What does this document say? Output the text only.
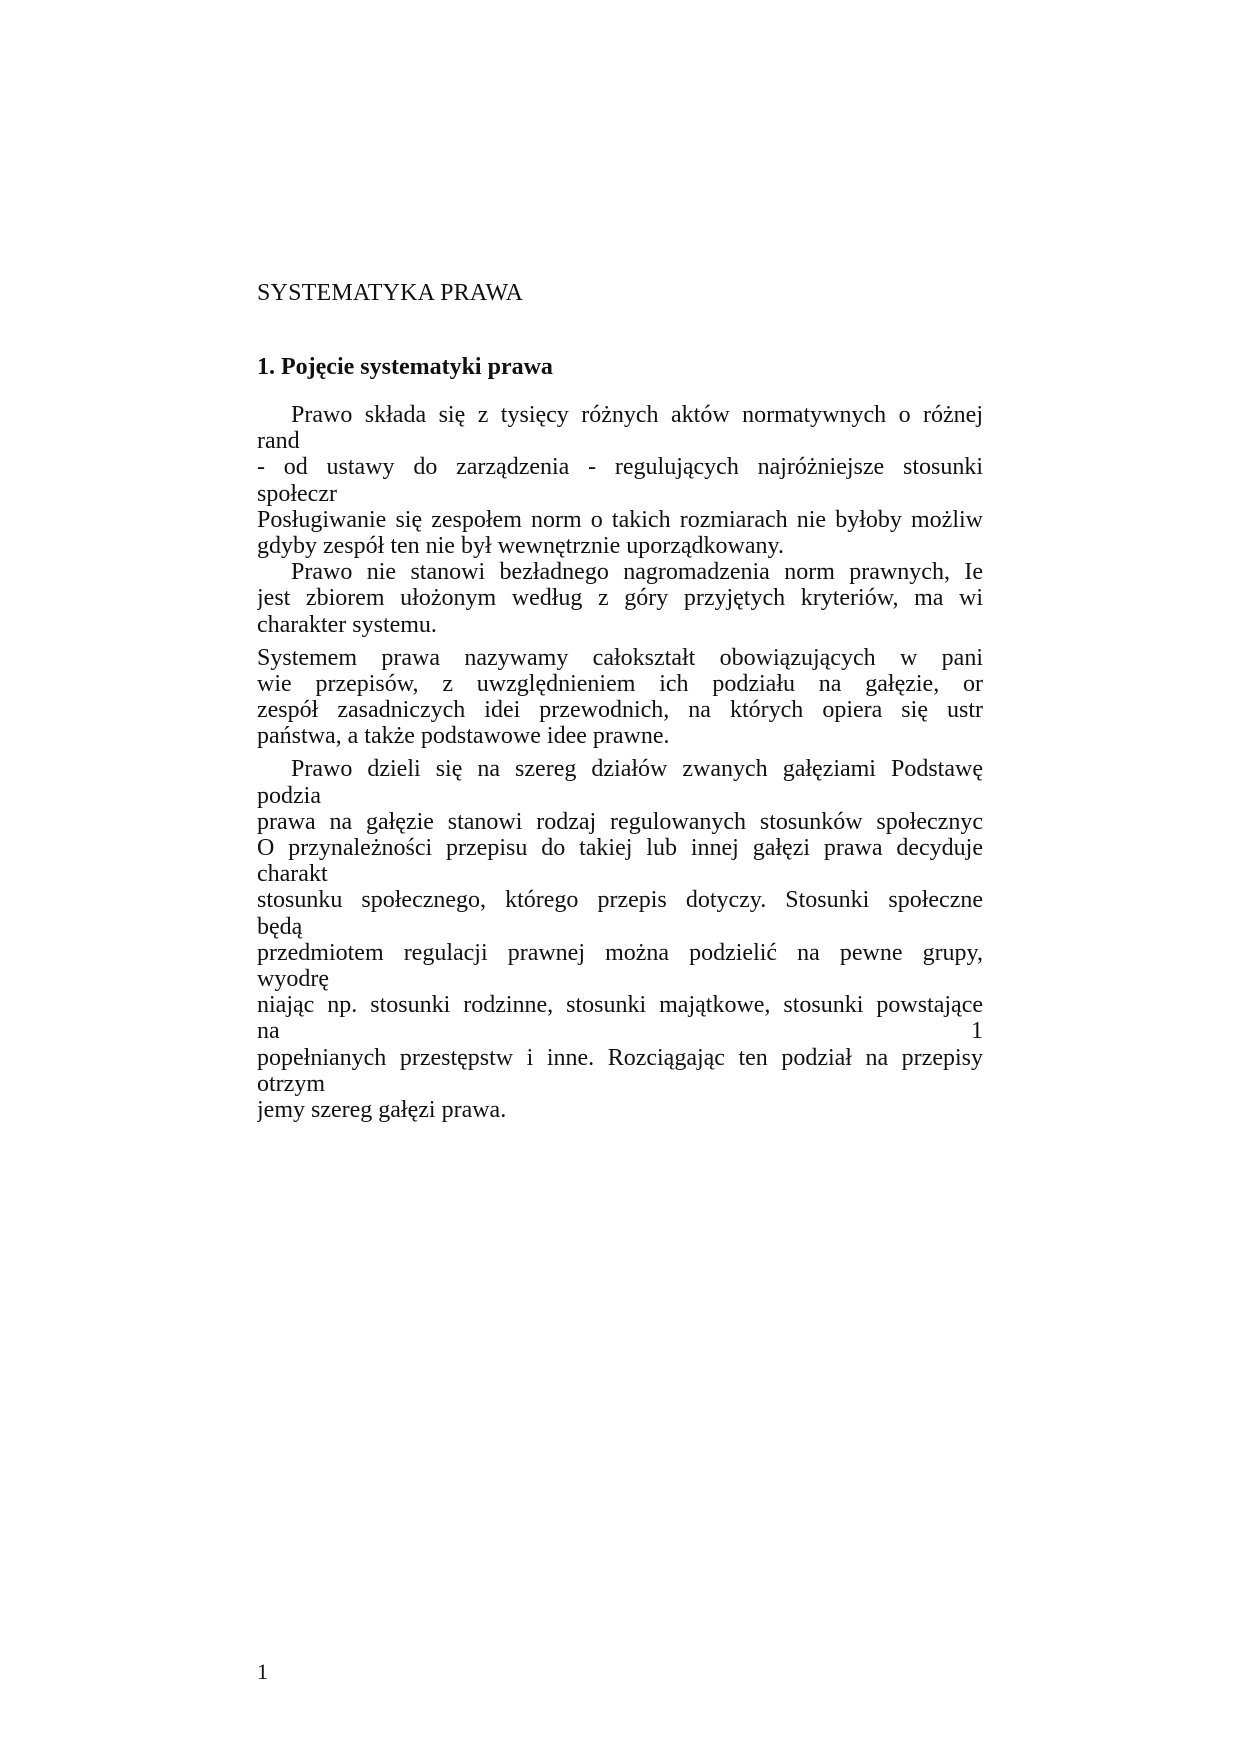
SYSTEMATYKA PRAWA
1. Pojęcie systematyki prawa
Prawo składa się z tysięcy różnych aktów normatywnych o różnej
rand
- od ustawy do zarządzenia - regulujących najróżniejsze stosunki
społeczr
Posługiwanie się zespołem norm o takich rozmiarach nie byłoby możliw
gdyby zespół ten nie był wewnętrznie uporządkowany.
Prawo nie stanowi bezładnego nagromadzenia norm prawnych, Ie
jest zbiorem ułożonym według z góry przyjętych kryteriów, ma wi
charakter systemu.
Systemem prawa nazywamy całokształt obowiązujących w pani
wie przepisów, z uwzględnieniem ich podziału na gałęzie, or
zespół zasadniczych idei przewodnich, na których opiera się ustr
państwa, a także podstawowe idee prawne.
Prawo dzieli się na szereg działów zwanych gałęziami Podstawę
podzia
prawa na gałęzie stanowi rodzaj regulowanych stosunków społecznyc
O przynależności przepisu do takiej lub innej gałęzi prawa decyduje
charakt
stosunku społecznego, którego przepis dotyczy. Stosunki społeczne
będą
przedmiotem regulacji prawnej można podzielić na pewne grupy,
wyodrę
niając np. stosunki rodzinne, stosunki majątkowe, stosunki powstające
na	1
popełnianych przestępstw i inne. Rozciągając ten podział na przepisy
otrzym
jemy szereg gałęzi prawa.
1
